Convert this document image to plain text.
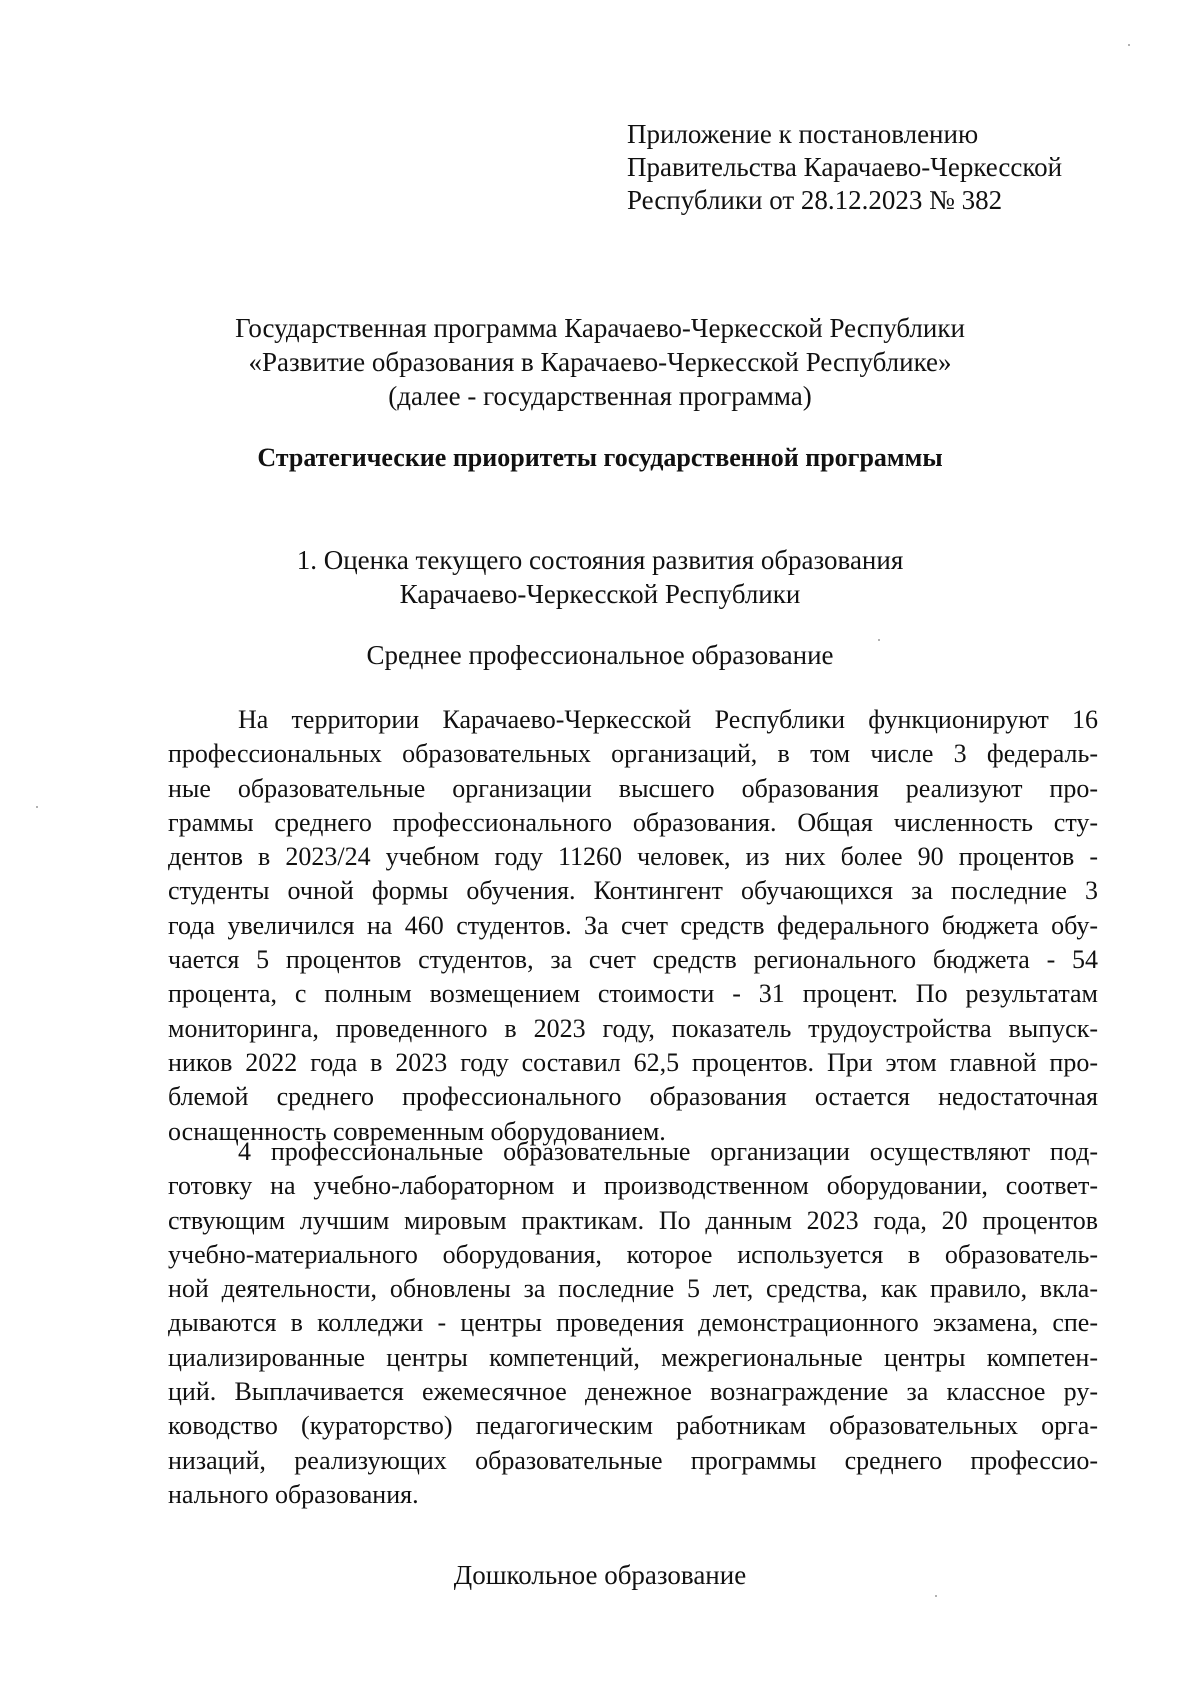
Приложение к постановлению
Правительства Карачаево-Черкесской
Республики от 28.12.2023 № 382
Государственная программа Карачаево-Черкесской Республики
«Развитие образования в Карачаево-Черкесской Республике»
(далее - государственная программа)
Стратегические приоритеты государственной программы
1. Оценка текущего состояния развития образования
Карачаево-Черкесской Республики
Среднее профессиональное образование
На территории Карачаево-Черкесской Республики функционируют 16
профессиональных образовательных организаций, в том числе 3 федераль-
ные образовательные организации высшего образования реализуют про-
граммы среднего профессионального образования. Общая численность сту-
дентов в 2023/24 учебном году 11260 человек, из них более 90 процентов -
студенты очной формы обучения. Контингент обучающихся за последние 3
года увеличился на 460 студентов. За счет средств федерального бюджета обу-
чается 5 процентов студентов, за счет средств регионального бюджета - 54
процента, с полным возмещением стоимости - 31 процент. По результатам
мониторинга, проведенного в 2023 году, показатель трудоустройства выпуск-
ников 2022 года в 2023 году составил 62,5 процентов. При этом главной про-
блемой среднего профессионального образования остается недостаточная
оснащенность современным оборудованием.
4 профессиональные образовательные организации осуществляют под-
готовку на учебно-лабораторном и производственном оборудовании, соответ-
ствующим лучшим мировым практикам. По данным 2023 года, 20 процентов
учебно-материального оборудования, которое используется в образователь-
ной деятельности, обновлены за последние 5 лет, средства, как правило, вкла-
дываются в колледжи - центры проведения демонстрационного экзамена, спе-
циализированные центры компетенций, межрегиональные центры компетен-
ций. Выплачивается ежемесячное денежное вознаграждение за классное ру-
ководство (кураторство) педагогическим работникам образовательных орга-
низаций, реализующих образовательные программы среднего профессио-
нального образования.
Дошкольное образование
